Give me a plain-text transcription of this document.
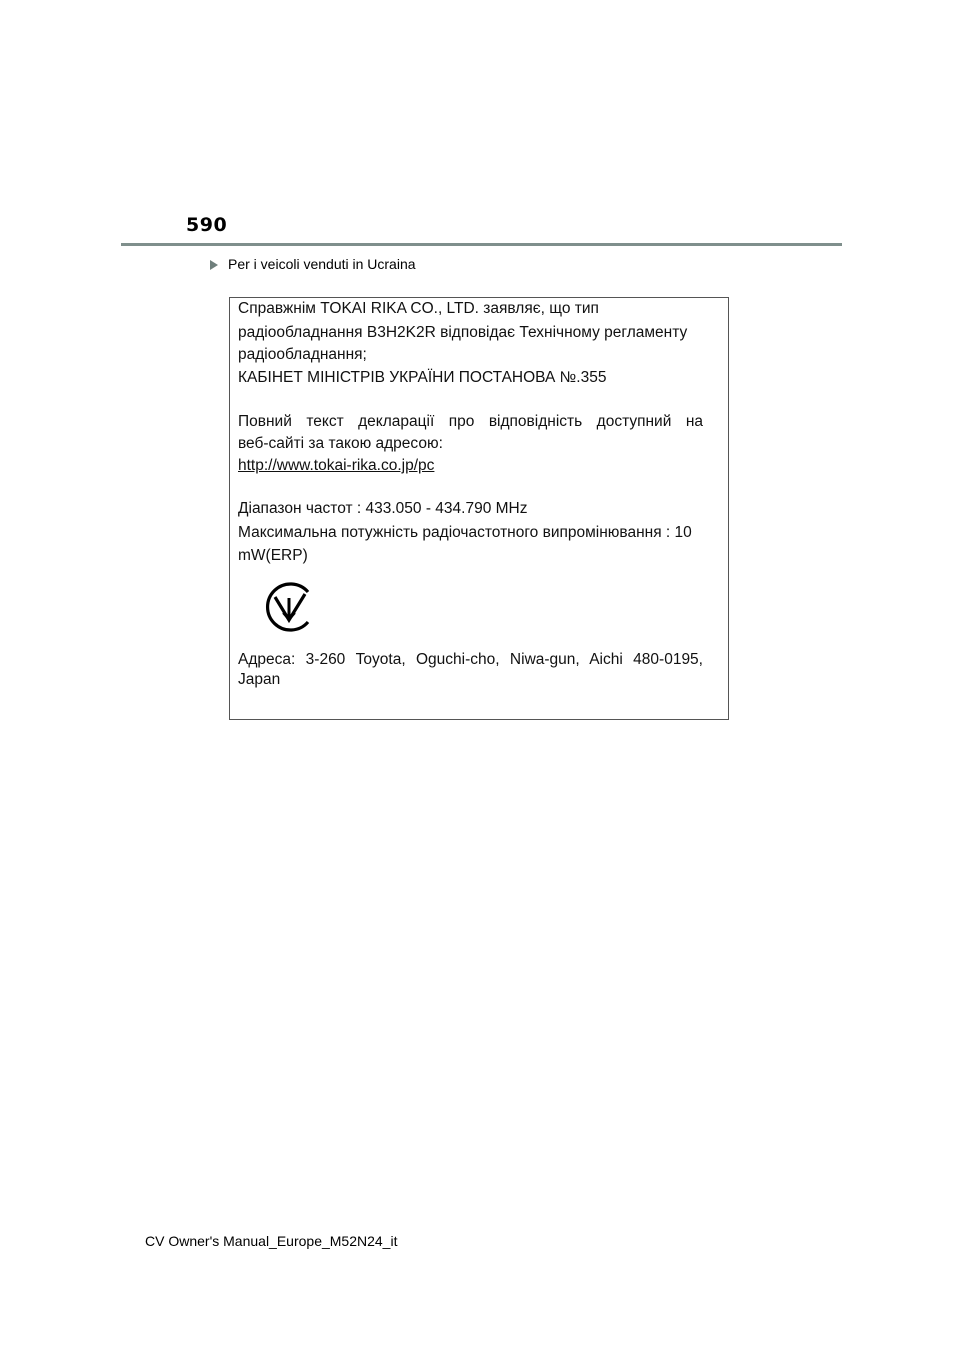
590
Per i veicoli venduti in Ucraina
Справжнім TOKAI RIKA CO., LTD. заявляє, що тип
радіообладнання B3H2K2R відповідає Технічному регламенту
радіообладнання;
КАБІНЕТ МІНІСТРІВ УКРАЇНИ ПОСТАНОВА №.355
Повний текст декларації про відповідність доступний на
веб-сайті за такою адресою:
http://www.tokai-rika.co.jp/pc
Діапазон частот : 433.050 - 434.790 MHz
Максимальна потужність радіочастотного випромінювання : 10
mW(ERP)
Адреса: 3-260 Toyota, Oguchi-cho, Niwa-gun, Aichi 480-0195,
Japan
CV Owner's Manual_Europe_M52N24_it
